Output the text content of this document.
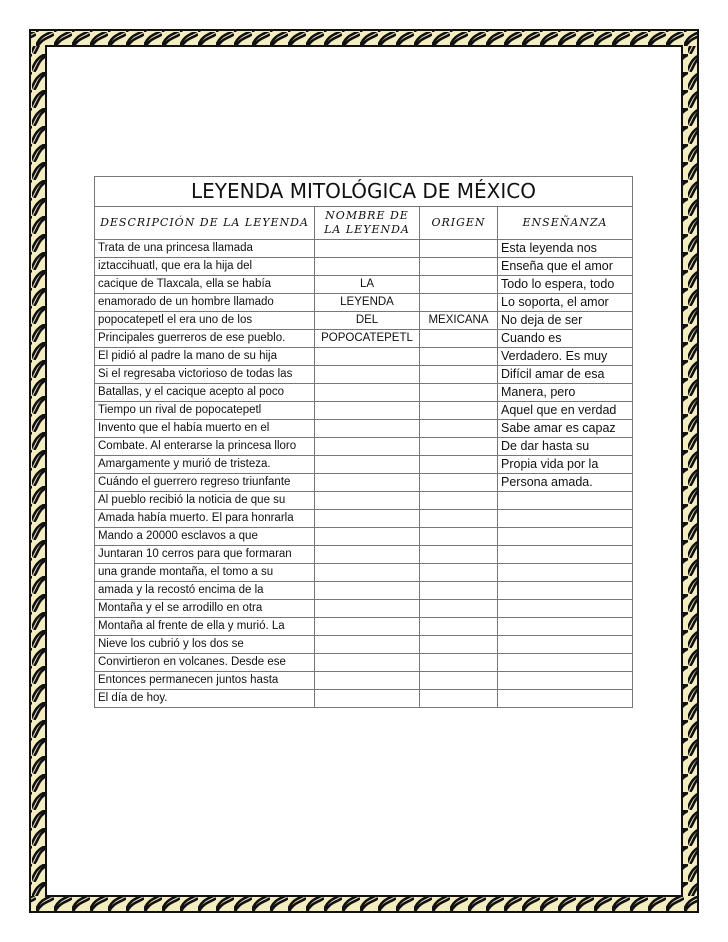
LEYENDA MITOLÓGICA DE MÉXICO			
DESCRIPCIÓN DE LA LEYENDA	NOMBRE DE LA LEYENDA	ORIGEN	ENSEÑANZA
Trata de una princesa llamada			Esta leyenda nos
iztaccihuatl, que era la hija del			Enseña que el amor
cacique de Tlaxcala, ella se había	LA		Todo lo espera, todo
enamorado de un hombre llamado	LEYENDA		Lo soporta, el amor
popocatepetl el era uno de los	DEL	MEXICANA	No deja de ser
Principales guerreros de ese pueblo.	POPOCATEPETL		Cuando es
El pidió al padre la mano de su hija			Verdadero. Es muy
Si el regresaba victorioso de todas las			Difícil amar de esa
Batallas, y el cacique acepto al poco			Manera, pero
Tiempo un rival de popocatepetl			Aquel que en verdad
Invento que el había muerto en el			Sabe amar es capaz
Combate. Al enterarse la princesa lloro			De dar hasta su
Amargamente y murió de tristeza.			Propia vida por la
Cuándo el guerrero regreso triunfante			Persona amada.
Al pueblo recibió la noticia de que su			
Amada había muerto. El para honrarla			
Mando a 20000 esclavos a que			
Juntaran 10 cerros para que formaran			
una grande montaña, el tomo a su			
amada y la recostó encima de la			
Montaña y el se arrodillo en otra			
Montaña al frente de ella y murió. La			
Nieve los cubrió y los dos se			
Convirtieron en volcanes. Desde ese			
Entonces permanecen juntos hasta			
El día de hoy.			
